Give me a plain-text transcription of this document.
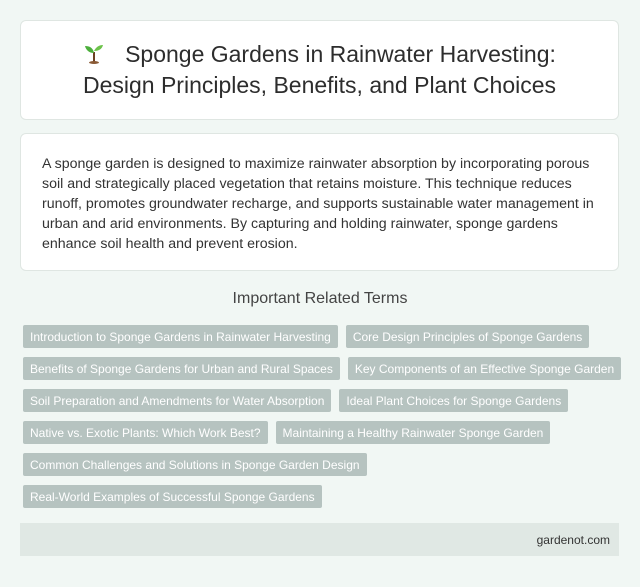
Sponge Gardens in Rainwater Harvesting: Design Principles, Benefits, and Plant Choices

A sponge garden is designed to maximize rainwater absorption by incorporating porous soil and strategically placed vegetation that retains moisture. This technique reduces runoff, promotes groundwater recharge, and supports sustainable water management in urban and arid environments. By capturing and holding rainwater, sponge gardens enhance soil health and prevent erosion.

Important Related Terms
Introduction to Sponge Gardens in Rainwater Harvesting	Core Design Principles of Sponge Gardens
Benefits of Sponge Gardens for Urban and Rural Spaces	Key Components of an Effective Sponge Garden
Soil Preparation and Amendments for Water Absorption	Ideal Plant Choices for Sponge Gardens
Native vs. Exotic Plants: Which Work Best?	Maintaining a Healthy Rainwater Sponge Garden
Common Challenges and Solutions in Sponge Garden Design
Real-World Examples of Successful Sponge Gardens
gardenot.com
